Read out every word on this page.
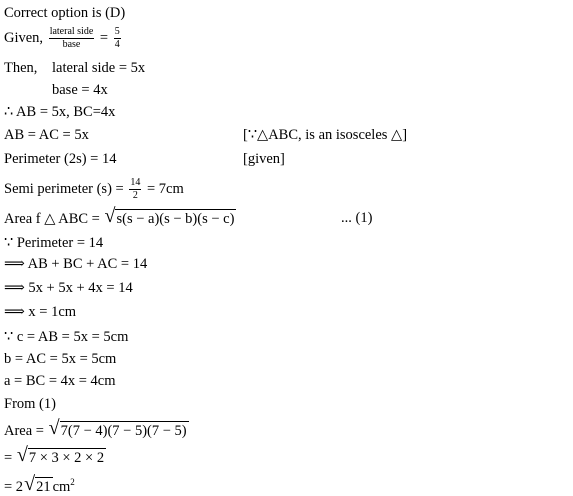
Correct option is (D)
Given, $\frac{\text{lateral side}}{\text{base}} = \frac{5}{4}$
Then, lateral side = 5x
base = 4x
∴ AB = 5x, BC=4x
AB = AC = 5x	[∵△ABC, is an isosceles △]
Perimeter (2s) = 14	[given]
Semi perimeter $(s) = \frac{14}{2} = 7cm$
Area f △ ABC = √ s(s − a)(s − b)(s − c)	... (1)
∵ Perimeter = 14
⟹ AB + BC + AC = 14
⟹ 5x + 5x + 4x = 14
⟹ x = 1cm
∵ c = AB = 5x = 5cm
b = AC = 5x = 5cm
a = BC = 4x = 4cm
From (1)
Area = √ 7(7 − 4)(7 − 5)(7 − 5)
= √ 7 × 3 × 2 × 2
= 2 √ 21 $cm^2$
